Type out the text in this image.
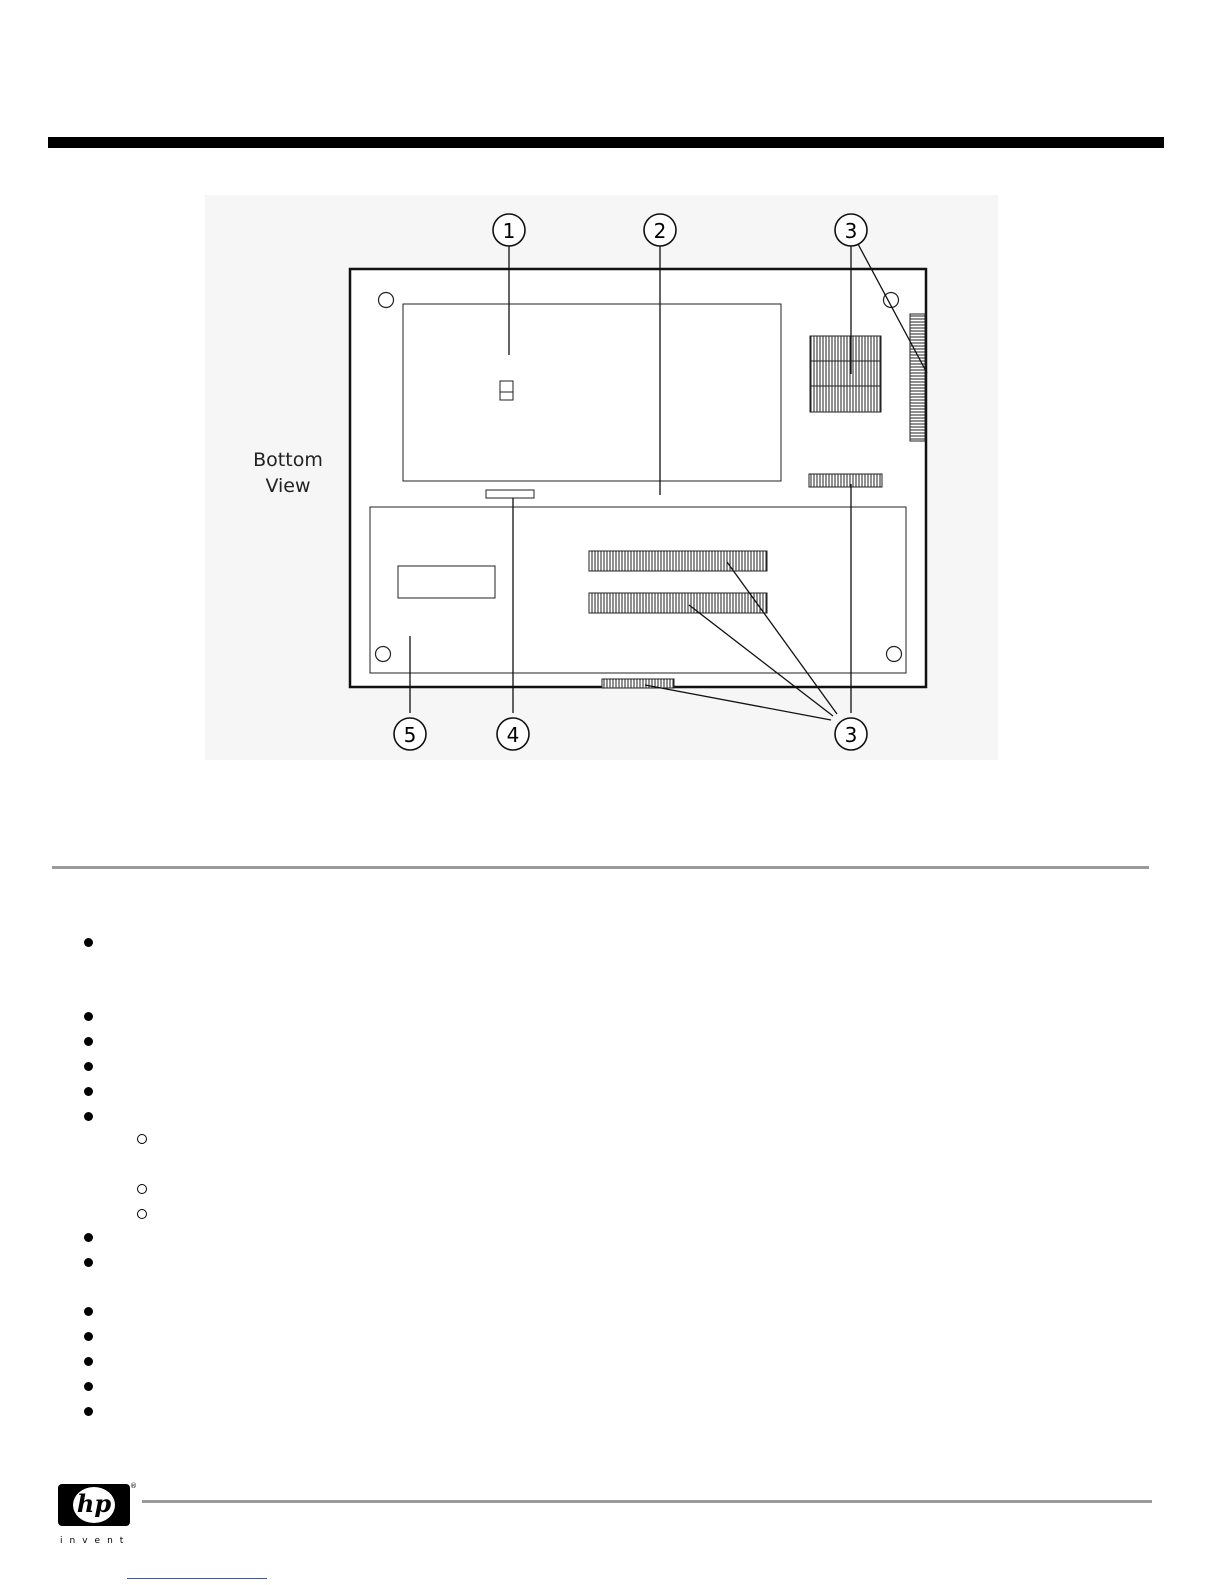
Bottom
View
1	2	3
5	4	3
hp
®
invent
